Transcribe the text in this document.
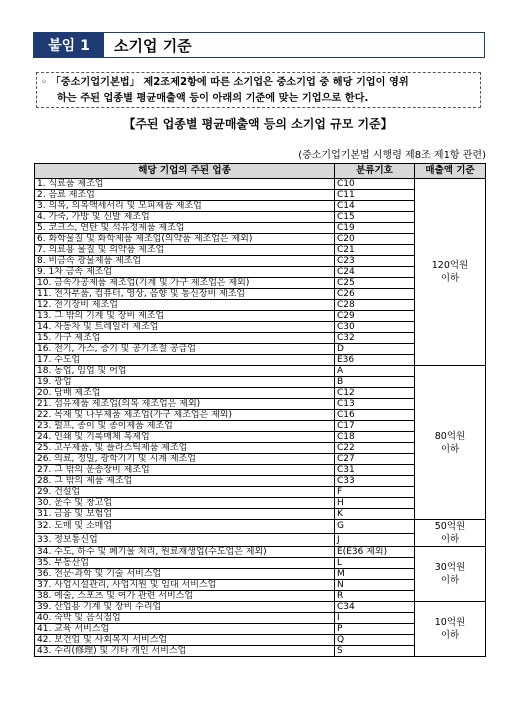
붙임 1	소기업 기준
◦ 「중소기업기본법」 제2조제2항에 따른 소기업은 중소기업 중 해당 기업이 영위
하는 주된 업종별 평균매출액 등이 아래의 기준에 맞는 기업으로 한다.
【주된 업종별 평균매출액 등의 소기업 규모 기준】
(중소기업기본법 시행령 제8조 제1항 관련)
해당 기업의 주된 업종	분류기호	매출액 기준
1. 식료품 제조업	C10	120억원
이하
2. 음료 제조업	C11	
3. 의복, 의복액세서리 및 모피제품 제조업	C14	
4. 가죽, 가방 및 신발 제조업	C15	
5. 코크스, 연탄 및 석유정제품 제조업	C19	
6. 화학물질 및 화학제품 제조업(의약품 제조업은 제외)	C20	
7. 의료용 물질 및 의약품 제조업	C21	
8. 비금속 광물제품 제조업	C23	
9. 1차 금속 제조업	C24	
10. 금속가공제품 제조업(기계 및 가구 제조업은 제외)	C25	
11. 전자부품, 컴퓨터, 영상, 음향 및 통신장비 제조업	C26	
12. 전기장비 제조업	C28	
13. 그 밖의 기계 및 장비 제조업	C29	
14. 자동차 및 트레일러 제조업	C30	
15. 가구 제조업	C32	
16. 전기, 가스, 증기 및 공기조절 공급업	D	
17. 수도업	E36	
18. 농업, 임업 및 어업	A	80억원
이하
19. 광업	B	
20. 담배 제조업	C12	
21. 섬유제품 제조업(의복 제조업은 제외)	C13	
22. 목재 및 나무제품 제조업(가구 제조업은 제외)	C16	
23. 펄프, 종이 및 종이제품 제조업	C17	
24. 인쇄 및 기록매체 복제업	C18	
25. 고무제품, 및 플라스틱제품 제조업	C22	
26. 의료, 정밀, 광학기기 및 시계 제조업	C27	
27. 그 밖의 운송장비 제조업	C31	
28. 그 밖의 제품 제조업	C33	
29. 건설업	F	
30. 운수 및 창고업	H	
31. 금융 및 보험업	K	
32. 도매 및 소매업	G	50억원
이하
33. 정보통신업	J	
34. 수도, 하수 및 폐기물 처리, 원료재생업(수도업은 제외)	E(E36 제외)	30억원
이하
35. 부동산업	L	
36. 전문·과학 및 기술 서비스업	M	
37. 사업시설관리, 사업지원 및 임대 서비스업	N	
38. 예술, 스포츠 및 여가 관련 서비스업	R	
39. 산업용 기계 및 장비 수리업	C34	10억원
이하
40. 숙박 및 음식점업	I	
41. 교육 서비스업	P	
42. 보건업 및 사회복지 서비스업	Q	
43. 수리(修理) 및 기타 개인 서비스업	S	
